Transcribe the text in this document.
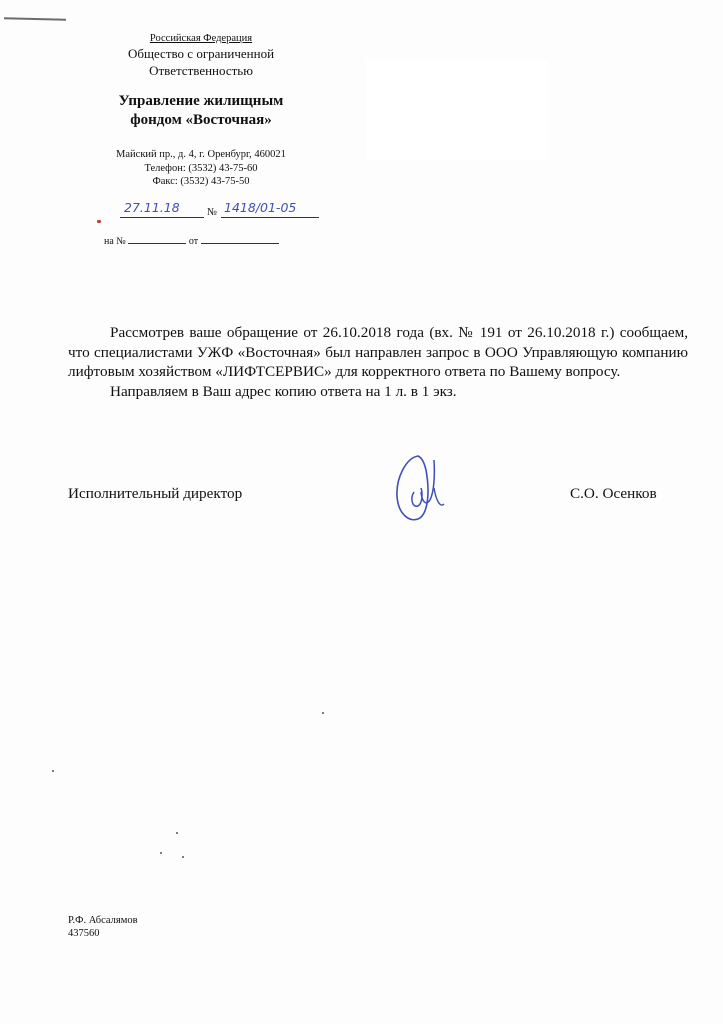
Российская Федерация
Общество с ограниченной
Ответственностью
Управление жилищным
фондом «Восточная»
Майский пр., д. 4, г. Оренбург, 460021
Телефон: (3532) 43-75-60
Факс: (3532) 43-75-50
27.11.18	№ 1418/01-05
на №	от

Рассмотрев ваше обращение от 26.10.2018 года (вх. № 191 от 26.10.2018 г.) сообщаем, что специалистами УЖФ «Восточная» был направлен запрос в ООО Управляющую компанию лифтовым хозяйством «ЛИФТСЕРВИС» для корректного ответа по Вашему вопросу.

Направляем в Ваш адрес копию ответа на 1 л. в 1 экз.

Исполнительный директор	С.О. Осенков
Р.Ф. Абсалямов
437560
